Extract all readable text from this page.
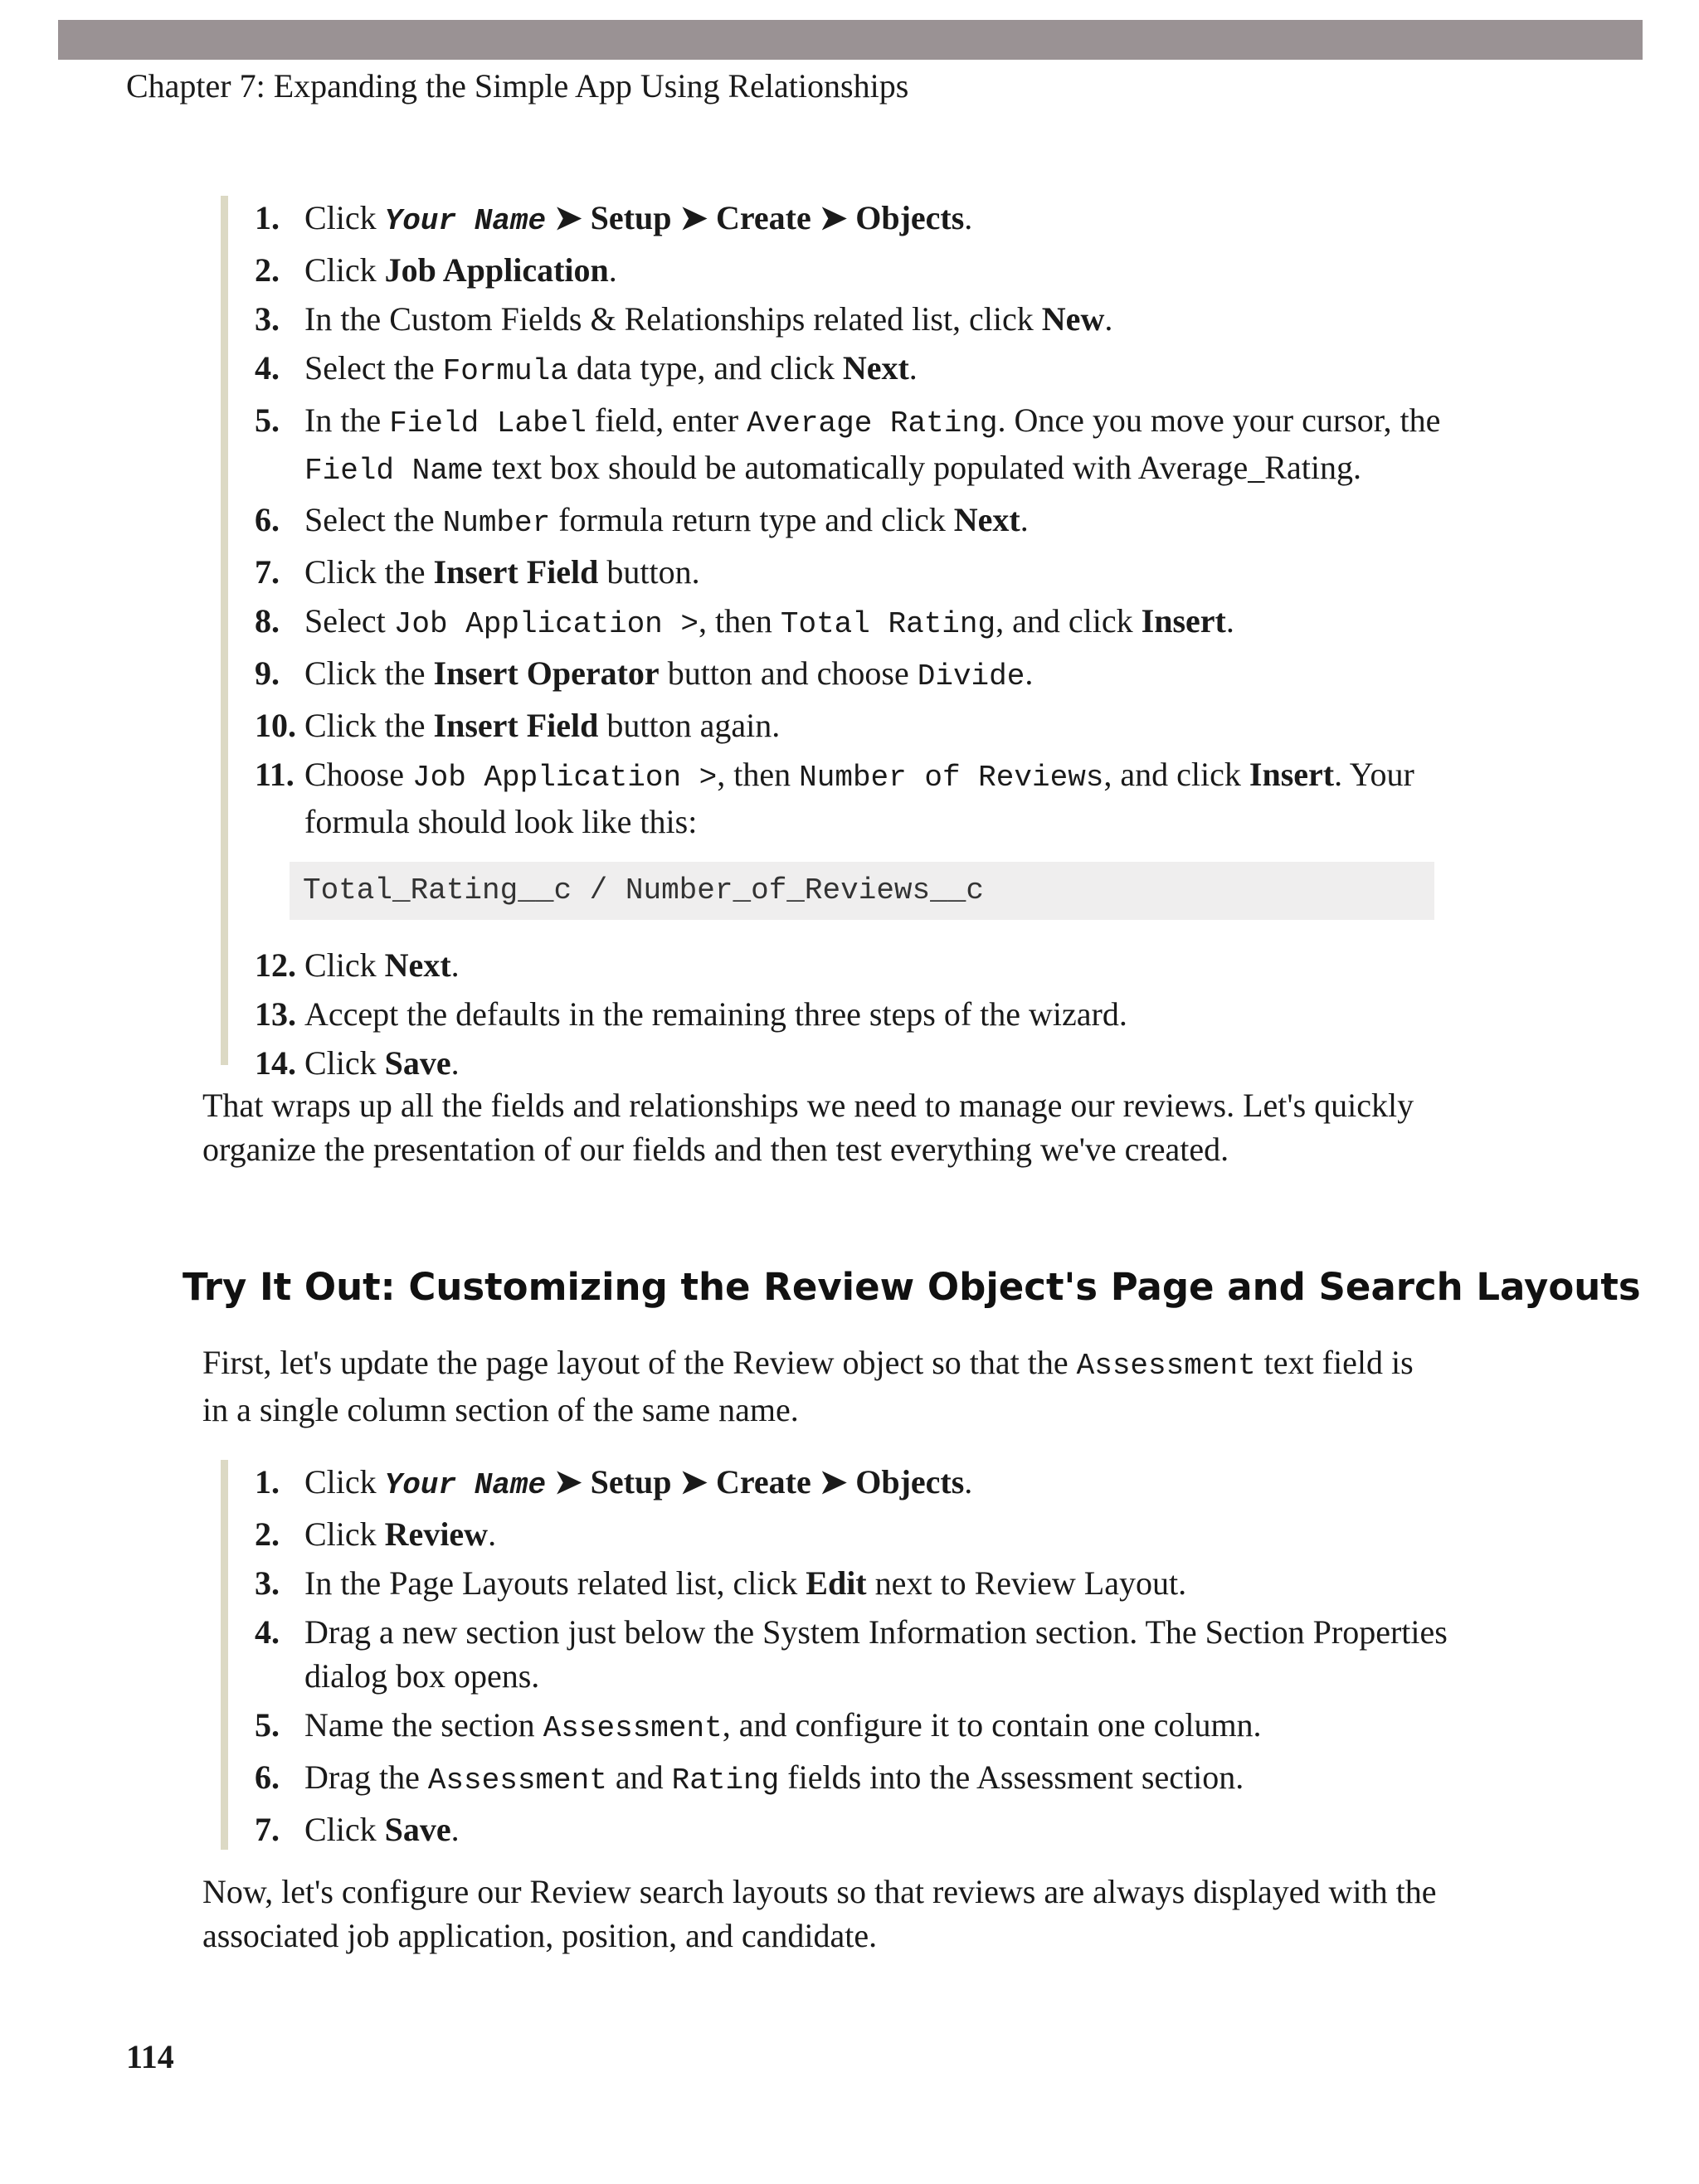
Chapter 7: Expanding the Simple App Using Relationships
1. Click Your Name ➤ Setup ➤ Create ➤ Objects.
2. Click Job Application.
3. In the Custom Fields & Relationships related list, click New.
4. Select the Formula data type, and click Next.
5. In the Field Label field, enter Average Rating. Once you move your cursor, the Field Name text box should be automatically populated with Average_Rating.
6. Select the Number formula return type and click Next.
7. Click the Insert Field button.
8. Select Job Application >, then Total Rating, and click Insert.
9. Click the Insert Operator button and choose Divide.
10. Click the Insert Field button again.
11. Choose Job Application >, then Number of Reviews, and click Insert. Your formula should look like this:
Total_Rating__c / Number_of_Reviews__c
12. Click Next.
13. Accept the defaults in the remaining three steps of the wizard.
14. Click Save.
That wraps up all the fields and relationships we need to manage our reviews. Let's quickly organize the presentation of our fields and then test everything we've created.
Try It Out: Customizing the Review Object's Page and Search Layouts
First, let's update the page layout of the Review object so that the Assessment text field is in a single column section of the same name.
1. Click Your Name ➤ Setup ➤ Create ➤ Objects.
2. Click Review.
3. In the Page Layouts related list, click Edit next to Review Layout.
4. Drag a new section just below the System Information section. The Section Properties dialog box opens.
5. Name the section Assessment, and configure it to contain one column.
6. Drag the Assessment and Rating fields into the Assessment section.
7. Click Save.
Now, let's configure our Review search layouts so that reviews are always displayed with the associated job application, position, and candidate.
114
